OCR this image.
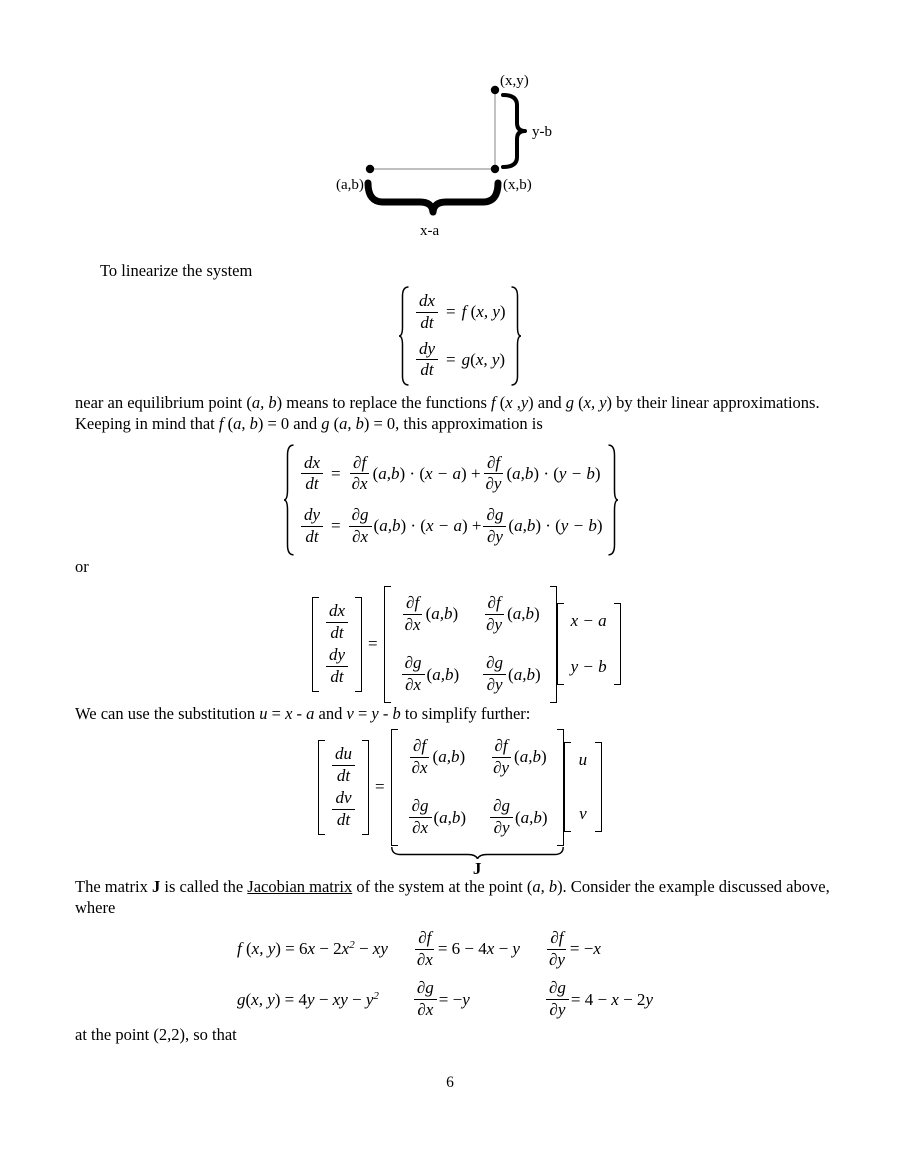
(x,y)
(a,b)	(x,b)
y-b
x-a

To linearize the system

$\frac{dx}{dt} = f$ (x, y)
$\frac{dy}{dt} = g(x$, y)

near an equilibrium point (a, b) means to replace the functions f (x ,y) and g (x, y) by their linear approximations. Keeping in mind that f (a, b) = 0 and g (a, b) = 0, this approximation is

$\frac{dx}{dt} = \frac{\partial f}{\partial x} (a,b) \cdot (x - a) + \frac{\partial f}{\partial y} (a,b) \cdot (y - b)$
$\frac{dy}{dt} = \frac{\partial g}{\partial x} (a,b) \cdot (x - a) + \frac{\partial g}{\partial y} (a,b) \cdot (y - b)$

or

$\frac{dx}{dt}$
$\frac{dy}{dt}$
=
$\frac{\partial f}{\partial x} (a,b) \frac{\partial f}{\partial y} (a,b)$
$\frac{\partial g}{\partial x} (a,b) \frac{\partial g}{\partial y} (a,b)$
x − a
y − b

We can use the substitution u = x - a and v = y - b to simplify further:

$\frac{du}{dt}$
$\frac{dv}{dt}$
=
$\frac{\partial f}{\partial x} (a,b) \frac{\partial f}{\partial y} (a,b)$
$\frac{\partial g}{\partial x} (a,b) \frac{\partial g}{\partial y} (a,b)$
J
u
v

The matrix J is called the Jacobian matrix of the system at the point (a, b). Consider the example discussed above, where

f (x, $y) = 6x - 2x^2$ − xy $\frac{\partial f}{\partial x} = 6 - 4x - y \frac{\partial f}{\partial y} = -x$
g(x, y) = 4y − xy − $y^2 \frac{\partial g}{\partial x} = -y$	$\frac{\partial g}{\partial y} = 4 - x - 2y$

at the point (2,2), so that

6
